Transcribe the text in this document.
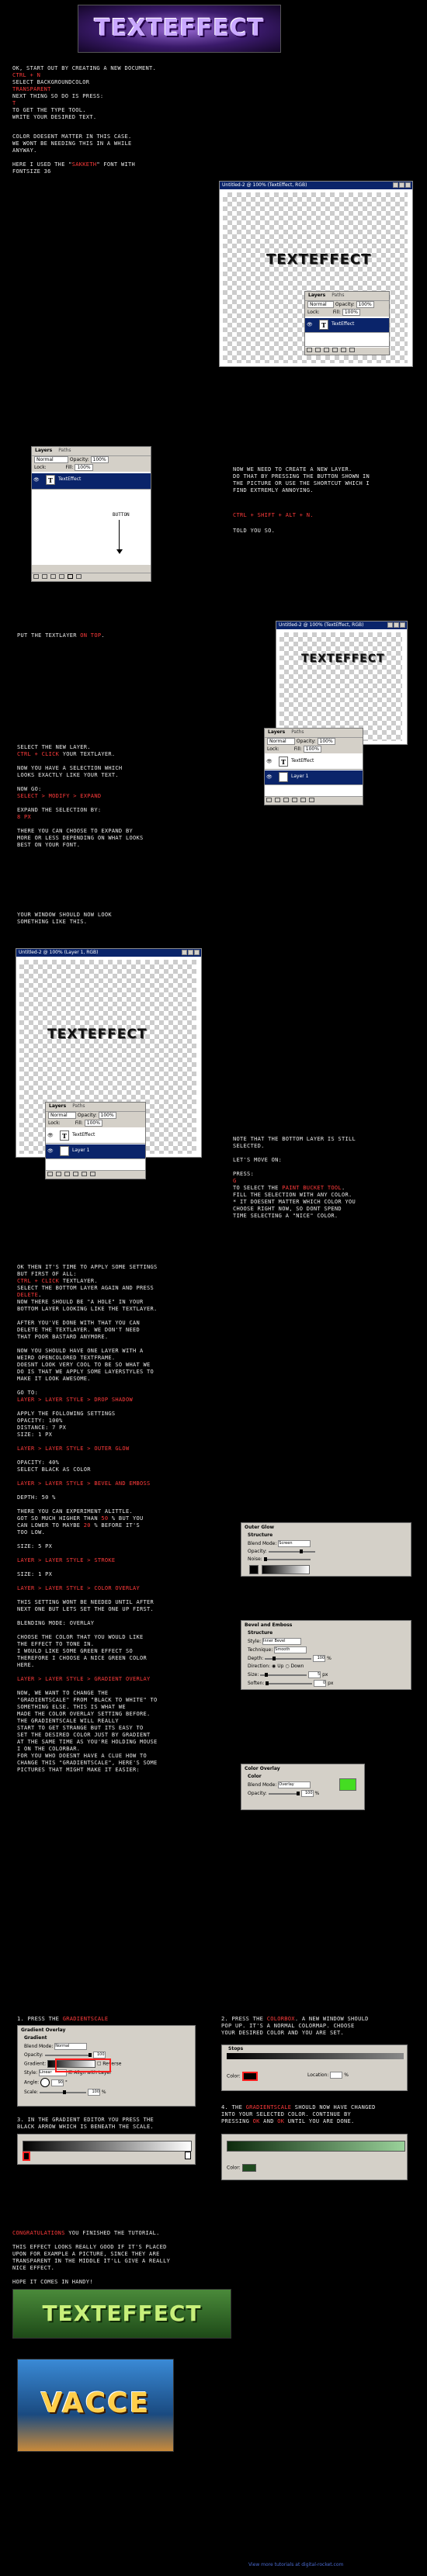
TEXTEFFECT

OK, START OUT BY CREATING A NEW DOCUMENT.
CTRL + N
SELECT BACKGROUNDCOLOR
TRANSPARENT
NEXT THING SO DO IS PRESS:
T
TO GET THE TYPE TOOL.
WRITE YOUR DESIRED TEXT.

COLOR DOESENT MATTER IN THIS CASE.
WE WONT BE NEEDING THIS IN A WHILE
ANYWAY.
HERE I USED THE "SAKKETH" FONT WITH
FONTSIZE 36
Untitled-2 @ 100% (TextEffect, RGB)
TEXTEFFECT
Layers Paths
Normal Opacity: 100%
Lock:	Fill: 100%
👁	T	TextEffect
Layers Paths
Normal	Opacity: 100%
Lock:	Fill: 100%
👁	T	TextEffect
BUTTON

NOW WE NEED TO CREATE A NEW LAYER.
DO THAT BY PRESSING THE BUTTON SHOWN IN
THE PICTURE OR USE THE SHORTCUT WHICH I
FIND EXTREMLY ANNOYING.

CTRL + SHIFT + ALT + N.
TOLD YOU SO.
PUT THE TEXTLAYER ON TOP.
Untitled-2 @ 100% (TextEffect, RGB)
TEXTEFFECT
Layers Paths
Normal Opacity: 100%
Lock:	Fill: 100%
👁	T	TextEffect
👁	Layer 1

SELECT THE NEW LAYER.
CTRL + CLICK YOUR TEXTLAYER.

NOW YOU HAVE A SELECTION WHICH
LOOKS EXACTLY LIKE YOUR TEXT.

NOW GO:
SELECT > MODIFY > EXPAND

EXPAND THE SELECTION BY:
8 PX

THERE YOU CAN CHOOSE TO EXPAND BY
MORE OR LESS DEPENDING ON WHAT LOOKS
BEST ON YOUR FONT.

YOUR WINDOW SHOULD NOW LOOK
SOMETHING LIKE THIS.
Untitled-2 @ 100% (Layer 1, RGB)
TEXTEFFECT
Layers Paths
Normal Opacity: 100%
Lock:	Fill: 100%
👁	T	TextEffect
👁	Layer 1

NOTE THAT THE BOTTOM LAYER IS STILL
SELECTED.

LET'S MOVE ON:

PRESS:
G
TO SELECT THE PAINT BUCKET TOOL.
FILL THE SELECTION WITH ANY COLOR.

* IT DOESENT MATTER WHICH COLOR YOU
CHOOSE RIGHT NOW, SO DONT SPEND
TIME SELECTING A "NICE" COLOR.

OK THEN IT'S TIME TO APPLY SOME SETTINGS
BUT FIRST OF ALL:
CTRL + CLICK TEXTLAYER.
SELECT THE BOTTOM LAYER AGAIN AND PRESS
DELETE.
NOW THERE SHOULD BE "A HOLE" IN YOUR
BOTTOM LAYER LOOKING LIKE THE TEXTLAYER.

AFTER YOU'VE DONE WITH THAT YOU CAN
DELETE THE TEXTLAYER. WE DON'T NEED
THAT POOR BASTARD ANYMORE.

NOW YOU SHOULD HAVE ONE LAYER WITH A
WEIRD OPENCOLORED TEXTFRAME.
DOESNT LOOK VERY COOL TO BE SO WHAT WE
DO IS THAT WE APPLY SOME LAYERSTYLES TO
MAKE IT LOOK AWESOME.

GO TO:
LAYER > LAYER STYLE > DROP SHADOW

APPLY THE FOLLOWING SETTINGS
OPACITY: 100%
DISTANCE: 7 PX
SIZE: 1 PX

LAYER > LAYER STYLE > OUTER GLOW

OPACITY: 40%
SELECT BLACK AS COLOR

LAYER > LAYER STYLE > BEVEL AND EMBOSS

DEPTH: 50 %

THERE YOU CAN EXPERIMENT ALITTLE.
GOT SO MUCH HIGHER THAN 50 % BUT YOU
CAN LOWER TO MAYBE 20 % BEFORE IT'S
TOO LOW.

SIZE: 5 PX

LAYER > LAYER STYLE > STROKE

SIZE: 1 PX

LAYER > LAYER STYLE > COLOR OVERLAY

THIS SETTING WONT BE NEEDED UNTIL AFTER
NEXT ONE BUT LETS SET THE ONE UP FIRST.

BLENDING MODE: OVERLAY

CHOOSE THE COLOR THAT YOU WOULD LIKE
THE EFFECT TO TONE IN.
I WOULD LIKE SOME GREEN EFFECT SO
THEREFORE I CHOOSE A NICE GREEN COLOR
HERE.

LAYER > LAYER STYLE > GRADIENT OVERLAY

NOW, WE WANT TO CHANGE THE
"GRADIENTSCALE" FROM "BLACK TO WHITE" TO
SOMETHING ELSE. THIS IS WHAT WE
MADE THE COLOR OVERLAY SETTING BEFORE.
THE GRADIENTSCALE WILL REALLY
START TO GET STRANGE BUT ITS EASY TO
SET THE DESIRED COLOR JUST BY GRADIENT
AT THE SAME TIME AS YOU'RE HOLDING MOUSE
I ON THE COLORBAR.
FOR YOU WHO DOESNT HAVE A CLUE HOW TO
CHANGE THIS "GRADIENTSCALE", HERE'S SOME
PICTURES THAT MIGHT MAKE IT EASIER:

Outer Glow
Structure
Blend Mode: Screen
Opacity:
Noise:
Bevel and Emboss
Structure
Style: Inner Bevel
Technique: Smooth
Depth:	100 %
Direction: ◉ Up ○ Down
Size:	5 px
Soften:	0 px
Color Overlay
Color
Blend Mode: Overlay
Opacity:	100 %
1. PRESS THE GRADIENTSCALE
Gradient Overlay
Gradient
Blend Mode: Normal
Opacity:	100
Gradient:	☐ Reverse
Style: Linear	☑ Align with Layer
Angle:	90 °
Scale:	100 %
2. PRESS THE COLORBOX. A NEW WINDOW SHOULD
POP UP. IT'S A NORMAL COLORMAP. CHOOSE
YOUR DESIRED COLOR AND YOU ARE SET.
Stops
Color:	Location:	%
3. IN THE GRADIENT EDITOR YOU PRESS THE
BLACK ARROW WHICH IS BENEATH THE SCALE.
4. THE GRADIENTSCALE SHOULD NOW HAVE CHANGED
INTO YOUR SELECTED COLOR. CONTINUE BY
PRESSING OK AND OK UNTIL YOU ARE DONE.
Color:

CONGRATULATIONS YOU FINISHED THE TUTORIAL.

THIS EFFECT LOOKS REALLY GOOD IF IT'S PLACED
UPON FOR EXAMPLE A PICTURE, SINCE THEY ARE
TRANSPARENT IN THE MIDDLE IT'LL GIVE A REALLY
NICE EFFECT.

HOPE IT COMES IN HANDY!

TEXTEFFECT
VACCE
View more tutorials at digital-rocket.com
